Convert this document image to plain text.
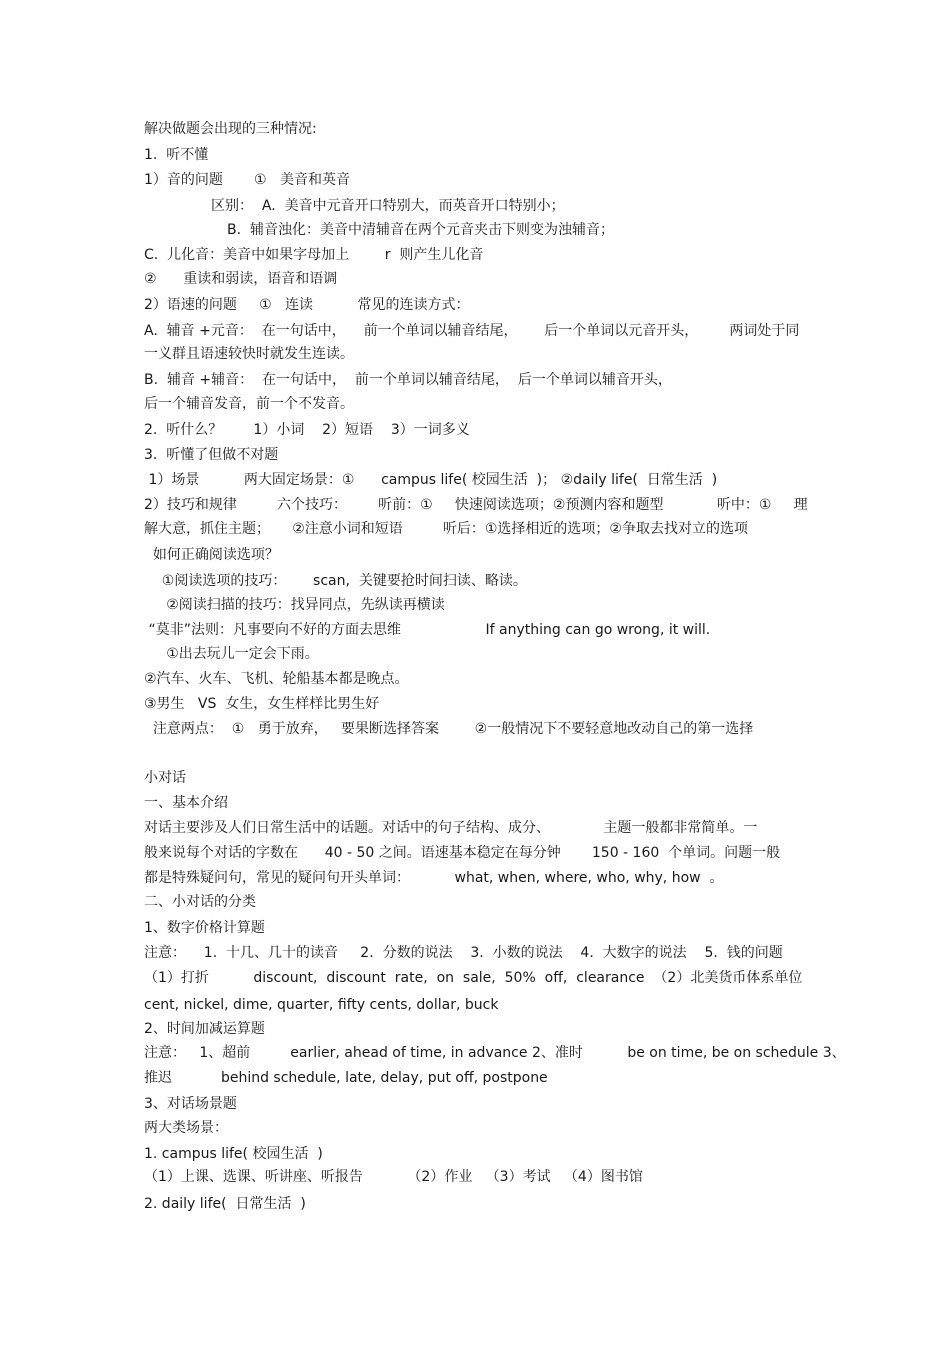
解决做题会出现的三种情况:
1.  听不懂
1）音的问题       ①   美音和英音
区别：  A.  美音中元音开口特别大，而英音开口特别小；
B.  辅音浊化：美音中清辅音在两个元音夹击下则变为浊辅音；
C.  儿化音：美音中如果字母加上        r  则产生儿化音
②      重读和弱读，语音和语调
2）语速的问题     ①   连读          常见的连读方式：
A.  辅音 +元音：  在一句话中，    前一个单词以辅音结尾，      后一个单词以元音开头，       两词处于同
一义群且语速较快时就发生连读。
B.  辅音 +辅音：  在一句话中，  前一个单词以辅音结尾，  后一个单词以辅音开头，
后一个辅音发音，前一个不发音。
2.  听什么？       1）小词    2）短语    3）一词多义
3.  听懂了但做不对题
1）场景          两大固定场景：①      campus life( 校园生活  )； ②daily life(  日常生活  )
2）技巧和规律         六个技巧：       听前：①     快速阅读选项；②预测内容和题型            听中：①     理
解大意，抓住主题；     ②注意小词和短语         听后：①选择相近的选项；②争取去找对立的选项
如何正确阅读选项？
①阅读选项的技巧：      scan,  关键要抢时间扫读、略读。
②阅读扫描的技巧：找异同点，先纵读再横读
“莫非”法则：凡事要向不好的方面去思维                   If anything can go wrong, it will.
①出去玩儿一定会下雨。
②汽车、火车、飞机、轮船基本都是晚点。
③男生   VS  女生，女生样样比男生好
注意两点：  ①   勇于放弃，   要果断选择答案        ②一般情况下不要轻意地改动自己的第一选择
小对话
一、基本介绍
对话主要涉及人们日常生活中的话题。对话中的句子结构、成分、            主题一般都非常简单。一
般来说每个对话的字数在      40 - 50 之间。语速基本稳定在每分钟       150 - 160  个单词。问题一般
都是特殊疑问句，常见的疑问句开头单词：          what, when, where, who, why, how  。
二、小对话的分类
1、数字价格计算题
注意：    1.  十几、几十的读音     2.  分数的说法    3.  小数的说法    4.  大数字的说法    5.  钱的问题
（1）打折          discount,  discount  rate,  on  sale,  50%  off,  clearance  （2）北美货币体系单位
cent, nickel, dime, quarter, fifty cents, dollar, buck
2、时间加减运算题
注意：   1、超前         earlier, ahead of time, in advance 2、准时          be on time, be on schedule 3、
推迟           behind schedule, late, delay, put off, postpone
3、对话场景题
两大类场景：
1. campus life( 校园生活  )
（1）上课、选课、听讲座、听报告          （2）作业   （3）考试   （4）图书馆
2. daily life(  日常生活  )
